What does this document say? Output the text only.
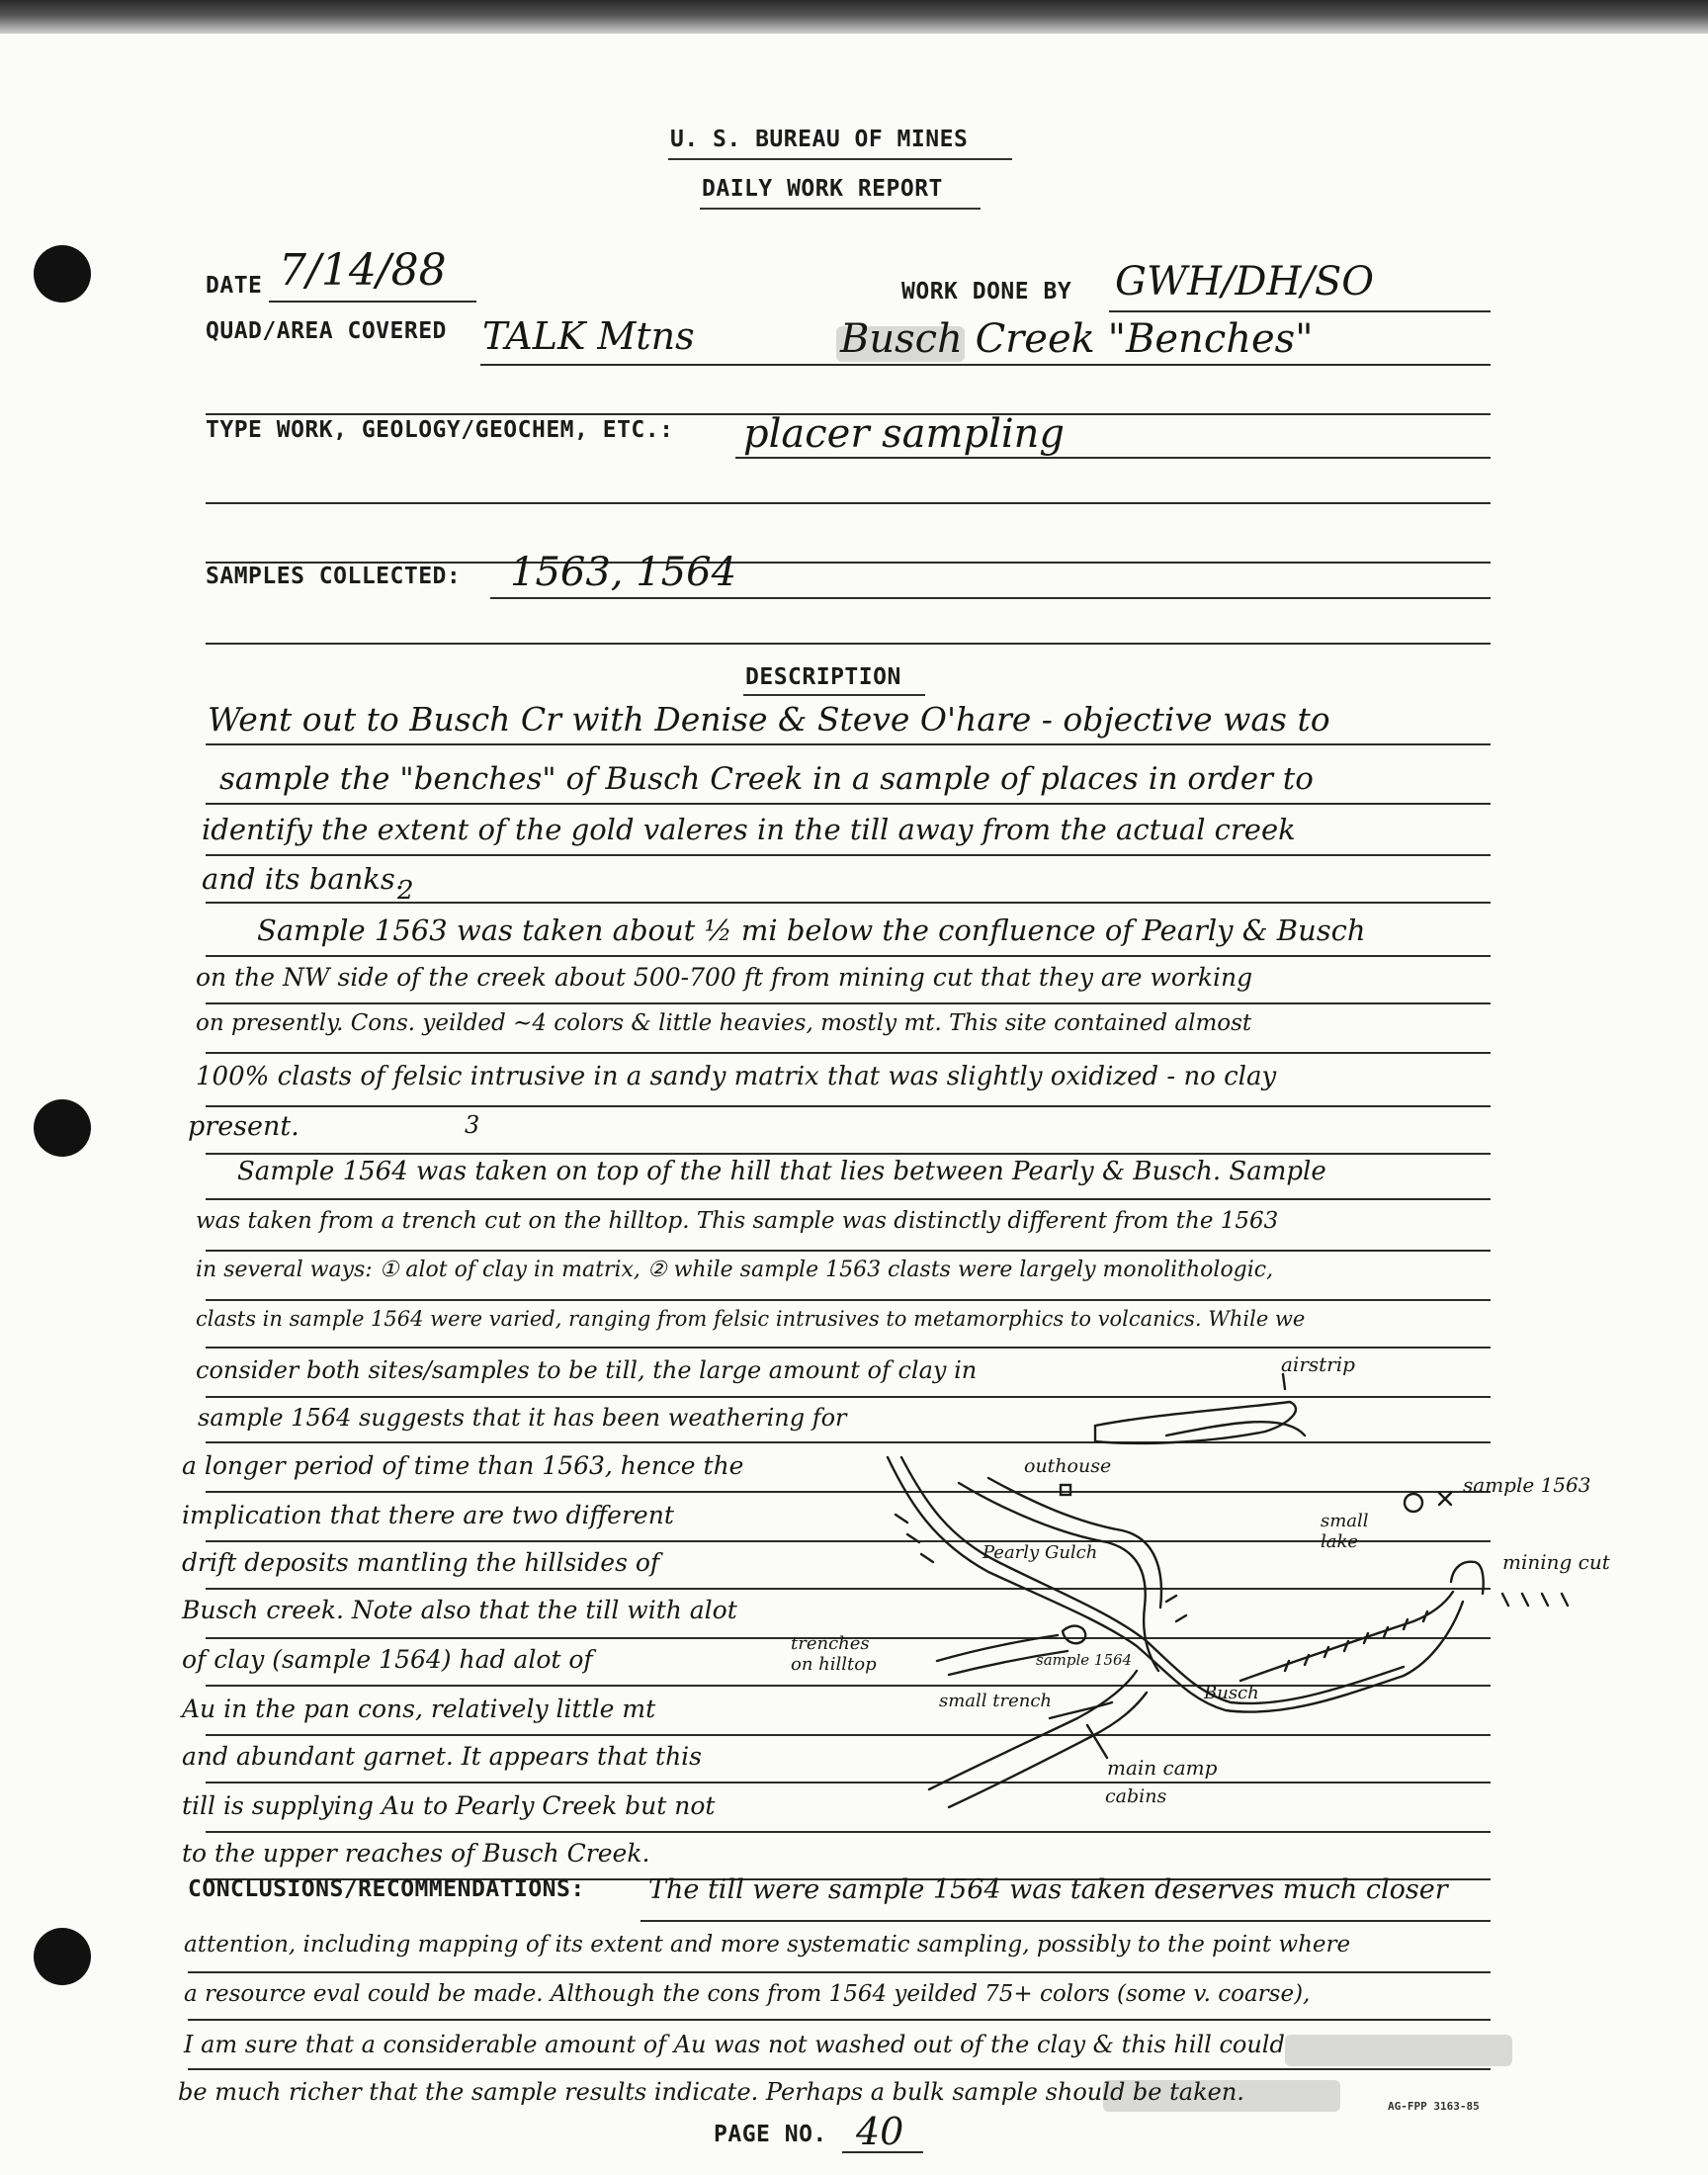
U. S. BUREAU OF MINES
DAILY WORK REPORT
DATE 7/14/88	WORK DONE BY GWH/DH/SO
QUAD/AREA COVERED TALK Mtns	Busch Creek "Benches"
TYPE WORK, GEOLOGY/GEOCHEM, ETC.: placer sampling
SAMPLES COLLECTED: 1563, 1564
DESCRIPTION
Went out to Busch Cr with Denise & Steve O'hare - objective was to
sample the "benches" of Busch Creek in a sample of places in order to
identify the extent of the gold valeres in the till away from the actual creek
and its banks.
2
Sample 1563 was taken about ½ mi below the confluence of Pearly & Busch
on the NW side of the creek about 500-700 ft from mining cut that they are working
on presently. Cons. yeilded ~4 colors & little heavies, mostly mt. This site contained almost
100% clasts of felsic intrusive in a sandy matrix that was slightly oxidized - no clay
present.	3
Sample 1564 was taken on top of the hill that lies between Pearly & Busch. Sample
was taken from a trench cut on the hilltop. This sample was distinctly different from the 1563
in several ways: ① alot of clay in matrix, ② while sample 1563 clasts were largely monolithologic,
clasts in sample 1564 were varied, ranging from felsic intrusives to metamorphics to volcanics. While we
consider both sites/samples to be till, the large amount of clay in
sample 1564 suggests that it has been weathering for
a longer period of time than 1563, hence the
implication that there are two different
drift deposits mantling the hillsides of
Busch creek. Note also that the till with alot
of clay (sample 1564) had alot of
Au in the pan cons, relatively little mt
and abundant garnet. It appears that this
till is supplying Au to Pearly Creek but not
to the upper reaches of Busch Creek.
airstrip
outhouse
small lake
sample 1563
mining cut
Pearly Gulch
trenches on hilltop	sample 1564
small trench	Busch
main camp
cabins
CONCLUSIONS/RECOMMENDATIONS: The till were sample 1564 was taken deserves much closer
attention, including mapping of its extent and more systematic sampling, possibly to the point where
a resource eval could be made. Although the cons from 1564 yeilded 75+ colors (some v. coarse),
I am sure that a considerable amount of Au was not washed out of the clay & this hill could
be much richer that the sample results indicate. Perhaps a bulk sample should be taken.
AG-FPP 3163-85
PAGE NO. 40
